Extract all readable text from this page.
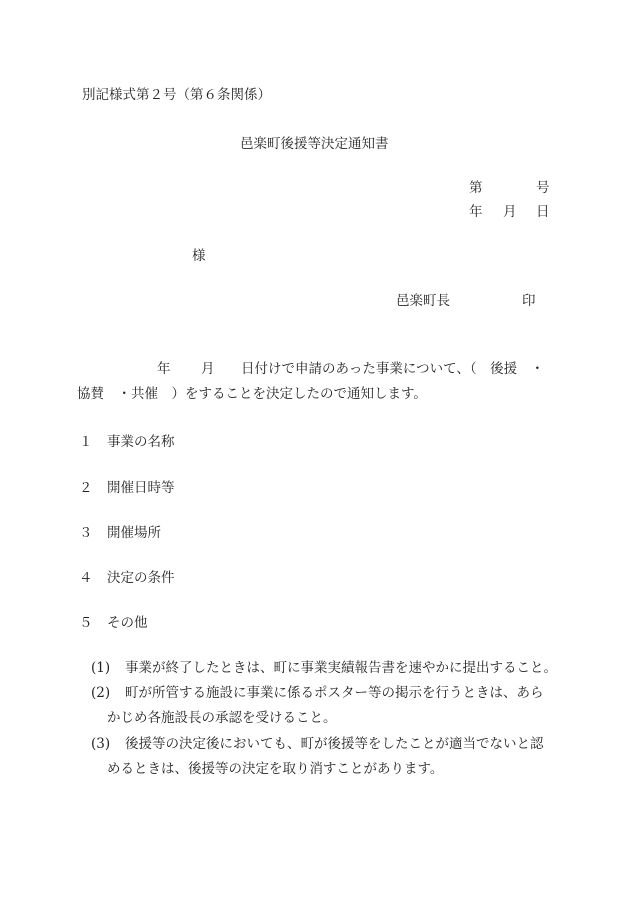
別記様式第２号（第６条関係）
邑楽町後援等決定通知書
第	号
年 月 日
様
邑楽町長	印
年 月 日付けで申請のあった事業について、（　後援　・
協賛　・共催　）をすることを決定したので通知します。
１ 事業の名称
２ 開催日時等
３ 開催場所
４ 決定の条件
５ その他
(1) 事業が終了したときは、町に事業実績報告書を速やかに提出すること。
(2) 町が所管する施設に事業に係るポスター等の掲示を行うときは、あら
かじめ各施設長の承認を受けること。
(3) 後援等の決定後においても、町が後援等をしたことが適当でないと認
めるときは、後援等の決定を取り消すことがあります。
